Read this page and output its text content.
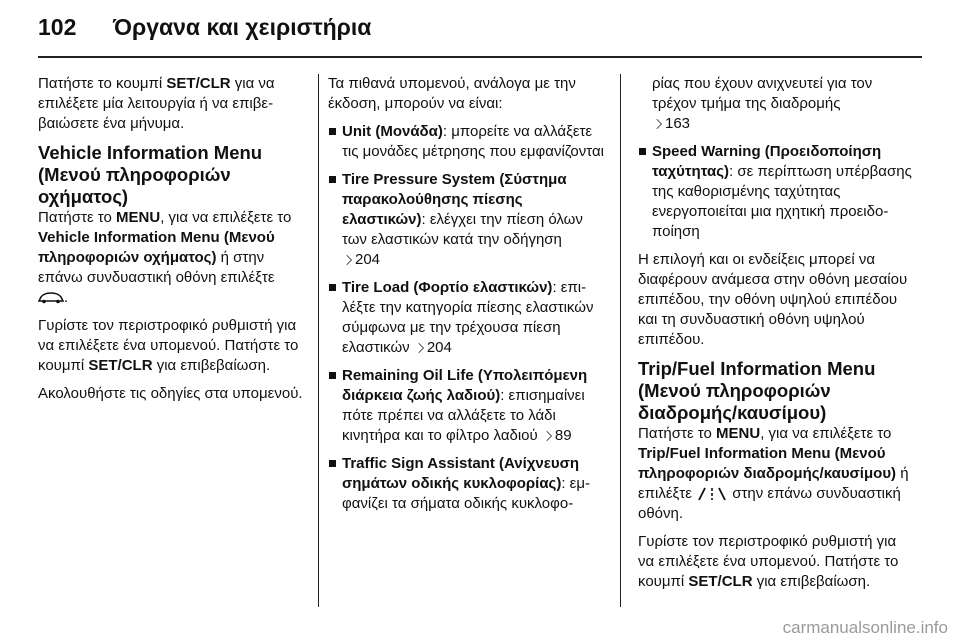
102 Όργανα και χειριστήρια

Πατήστε το κουμπί SET/CLR για να επιλέξετε μία λειτουργία ή να επιβεβαιώσετε ένα μήνυμα.

Vehicle Information Menu (Μενού πληροφοριών οχήματος)

Πατήστε το MENU, για να επιλέξετε το Vehicle Information Menu (Μενού πληροφοριών οχήματος) ή στην επάνω συνδυαστική οθόνη επιλέξτε
.

Γυρίστε τον περιστροφικό ρυθμιστή για να επιλέξετε ένα υπομενού. Πατήστε το κουμπί SET/CLR για επιβεβαίωση.

Ακολουθήστε τις οδηγίες στα υπομενού.

Τα πιθανά υπομενού, ανάλογα με την έκδοση, μπορούν να είναι:

Unit (Μονάδα): μπορείτε να αλλάξετε τις μονάδες μέτρησης που εμφανίζονται
Tire Pressure System (Σύστημα παρακολούθησης πίεσης ελαστικών): ελέγχει την πίεση όλων των ελαστικών κατά την οδήγηση
204
Tire Load (Φορτίο ελαστικών): επιλέξτε την κατηγορία πίεσης ελαστικών σύμφωνα με την τρέχουσα πίεση ελαστικών 204
Remaining Oil Life (Υπολειπόμενη διάρκεια ζωής λαδιού): επισημαίνει πότε πρέπει να αλλάξετε το λάδι κινητήρα και το φίλτρο λαδιού 89
Traffic Sign Assistant (Ανίχνευση σημάτων οδικής κυκλοφορίας): εμφανίζει τα σήματα οδικής κυκλοφο-
ρίας που έχουν ανιχνευτεί για τον τρέχον τμήμα της διαδρομής
163
Speed Warning (Προειδοποίηση ταχύτητας): σε περίπτωση υπέρβασης της καθορισμένης ταχύτητας ενεργοποιείται μια ηχητική προειδοποίηση

Η επιλογή και οι ενδείξεις μπορεί να διαφέρουν ανάμεσα στην οθόνη μεσαίου επιπέδου, την οθόνη υψηλού επιπέδου και τη συνδυαστική οθόνη υψηλού επιπέδου.

Trip/Fuel Information Menu (Μενού πληροφοριών διαδρομής/καυσίμου)

Πατήστε το MENU, για να επιλέξετε το Trip/Fuel Information Menu (Μενού πληροφοριών διαδρομής/καυσίμου) ή επιλέξτε  στην επάνω συνδυαστική οθόνη.

Γυρίστε τον περιστροφικό ρυθμιστή για να επιλέξετε ένα υπομενού. Πατήστε το κουμπί SET/CLR για επιβεβαίωση.

carmanualsonline.info
